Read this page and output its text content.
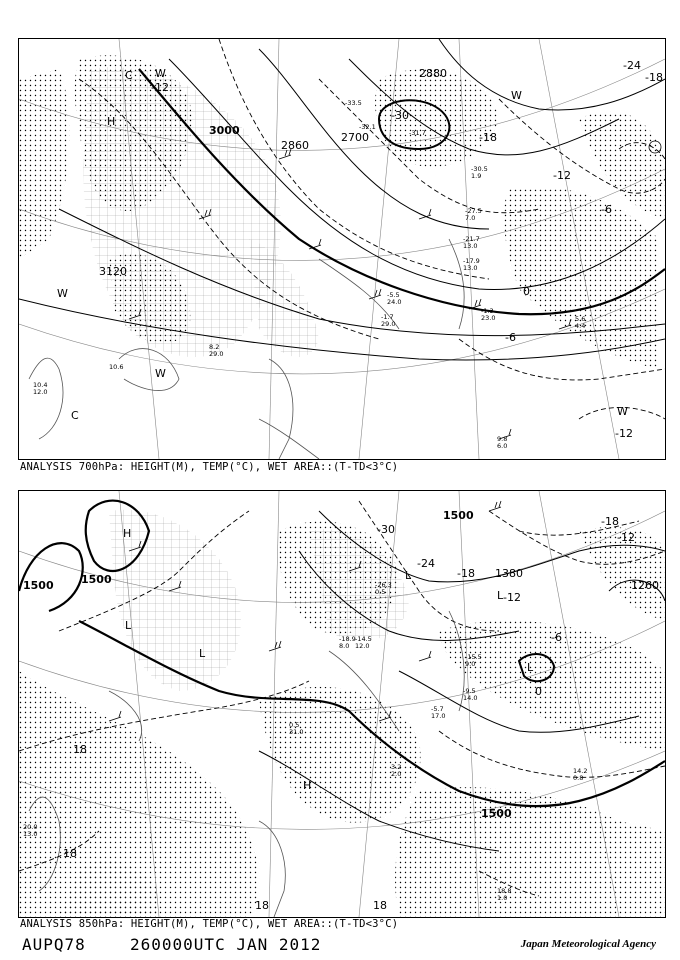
3000
2860
2700
2880
3120
-12
-30
-18
-24
-18
-12
-6
0
-6
-12
C W
H
W
W
C	W
W
-21.7
13.0
-17.9
13.0
-30.5
1.9
-27.5
7.0
-5.5
24.0
-1.7
29.0
-1.3
23.0	5.6
4.4
9.8
6.0
10.6
8.2
29.0
10.4
12.0
-31.7
-32.1
-33.5
ANALYSIS 700hPa: HEIGHT(M), TEMP(°C), WET AREA::(T-TD<3°C)
1500 1500	1380
1500
1500
1260
-30
-24
-18
-12
-6
0
-18
-12
18
18
18	18
H
L
L
L
L
L
H
-14.5
12.0
-18.9
8.0
-15.5
9.0
-9.5
14.0
-5.7
17.0
3.2
2.0	14.2
0.8
0.5
31.0
20.0
13.0
18.8
1.0
-26.3
0.5
ANALYSIS 850hPa: HEIGHT(M), TEMP(°C), WET AREA::(T-TD<3°C)
AUPQ78	260000UTC JAN 2012	Japan Meteorological Agency
